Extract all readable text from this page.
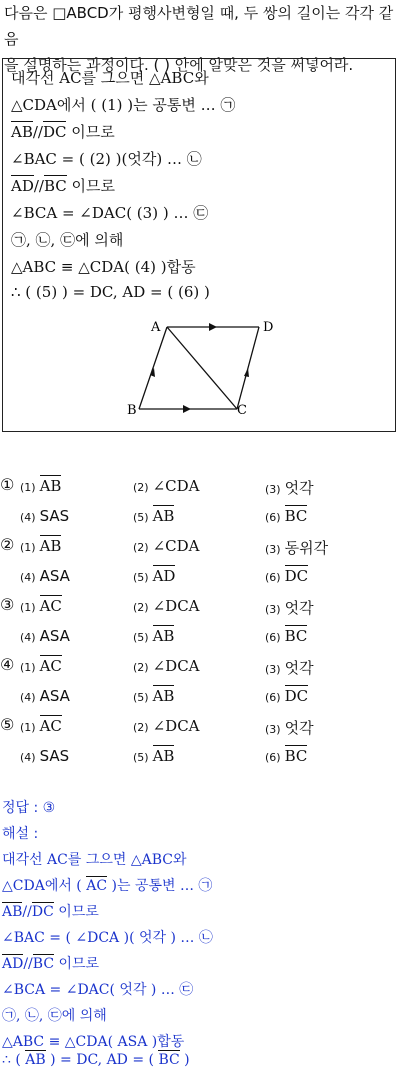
다음은 □ABCD가 평행사변형일 때, 두 쌍의 길이는 각각 같음
을 설명하는 과정이다. ( ) 안에 알맞은 것을 써넣어라.
대각선 AC를 그으면 △ABC와
△CDA에서 ( (1) )는 공통변 … ㉠
AB//DC 이므로
∠BAC = ( (2) )(엇각) … ㉡
AD//BC 이므로
∠BCA = ∠DAC( (3) ) … ㉢
㉠, ㉡, ㉢에 의해
△ABC ≡ △CDA( (4) )합동
∴ ( (5) ) = DC, AD = ( (6) )
A	D
B	C
① (1) AB	(2) ∠CDA	(3) 엇각
(4) SAS	(5) AB	(6) BC
② (1) AB	(2) ∠CDA	(3) 동위각
(4) ASA	(5) AD	(6) DC
③ (1) AC	(2) ∠DCA	(3) 엇각
(4) ASA	(5) AB	(6) BC
④ (1) AC	(2) ∠DCA	(3) 엇각
(4) ASA	(5) AB	(6) DC
⑤ (1) AC	(2) ∠DCA	(3) 엇각
(4) SAS	(5) AB	(6) BC
정답 : ③
해설 :
대각선 AC를 그으면 △ABC와
△CDA에서 ( AC )는 공통변 … ㉠
AB//DC 이므로
∠BAC = ( ∠DCA )( 엇각 ) … ㉡
AD//BC 이므로
∠BCA = ∠DAC( 엇각 ) … ㉢
㉠, ㉡, ㉢에 의해
△ABC ≡ △CDA( ASA )합동
∴ ( AB ) = DC, AD = ( BC )
